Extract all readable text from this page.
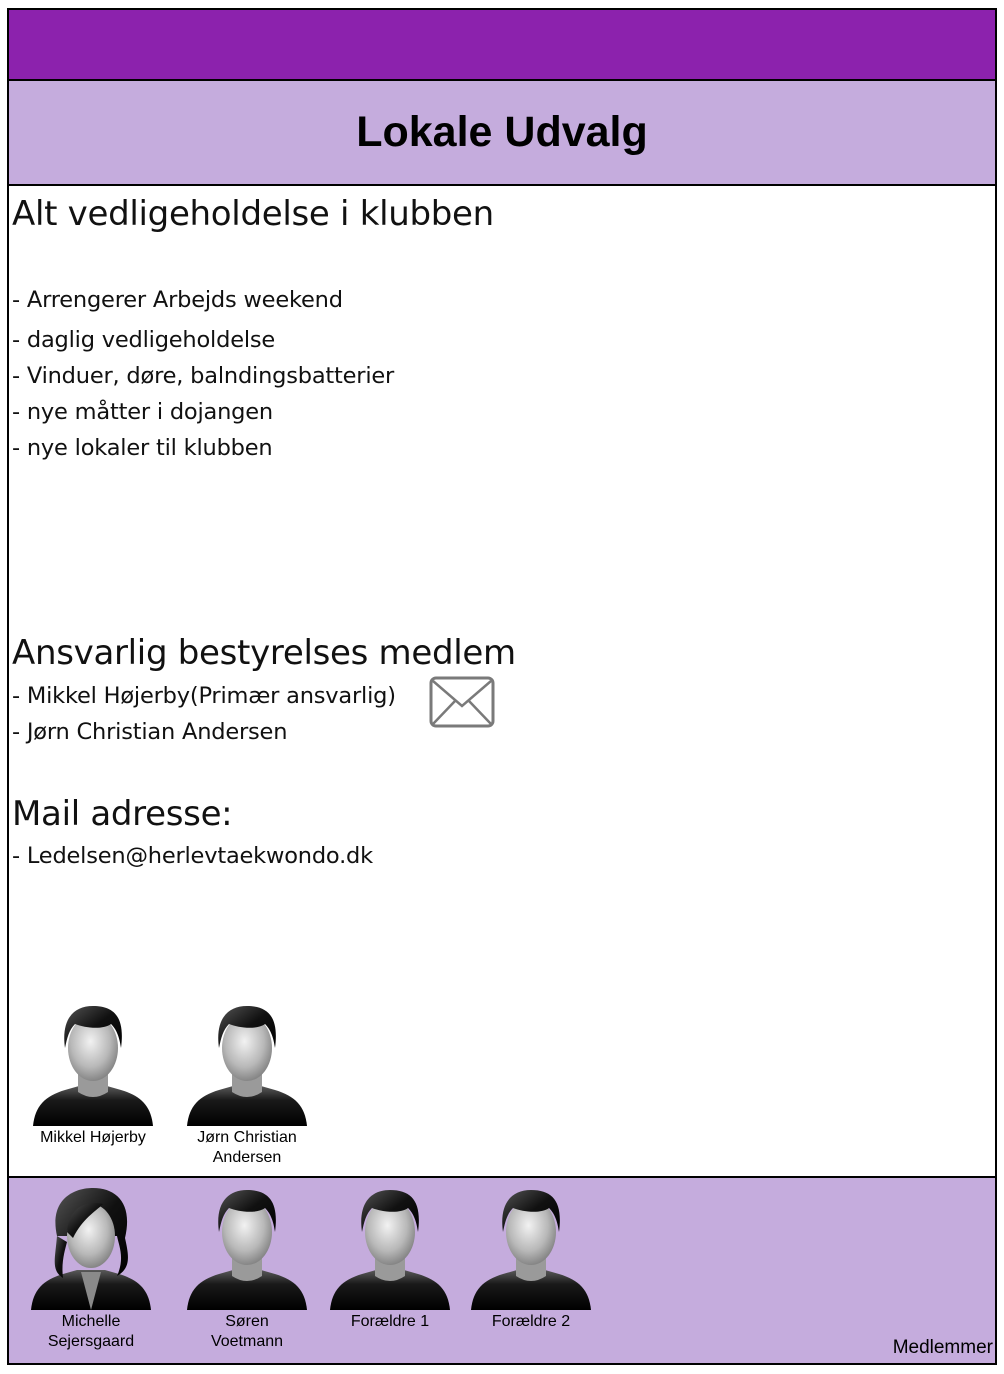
Lokale Udvalg
Alt vedligeholdelse i klubben
- Arrengerer Arbejds weekend
- daglig vedligeholdelse
- Vinduer, døre, balndingsbatterier
- nye måtter i dojangen
- nye lokaler til klubben
Ansvarlig bestyrelses medlem
- Mikkel Højerby(Primær ansvarlig)
- Jørn Christian Andersen
Mail adresse:
- Ledelsen@herlevtaekwondo.dk
Mikkel Højerby	Jørn Christian
Andersen
Michelle
Sejersgaard
Søren
Voetmann
Forældre 1	Forældre 2
Medlemmer
